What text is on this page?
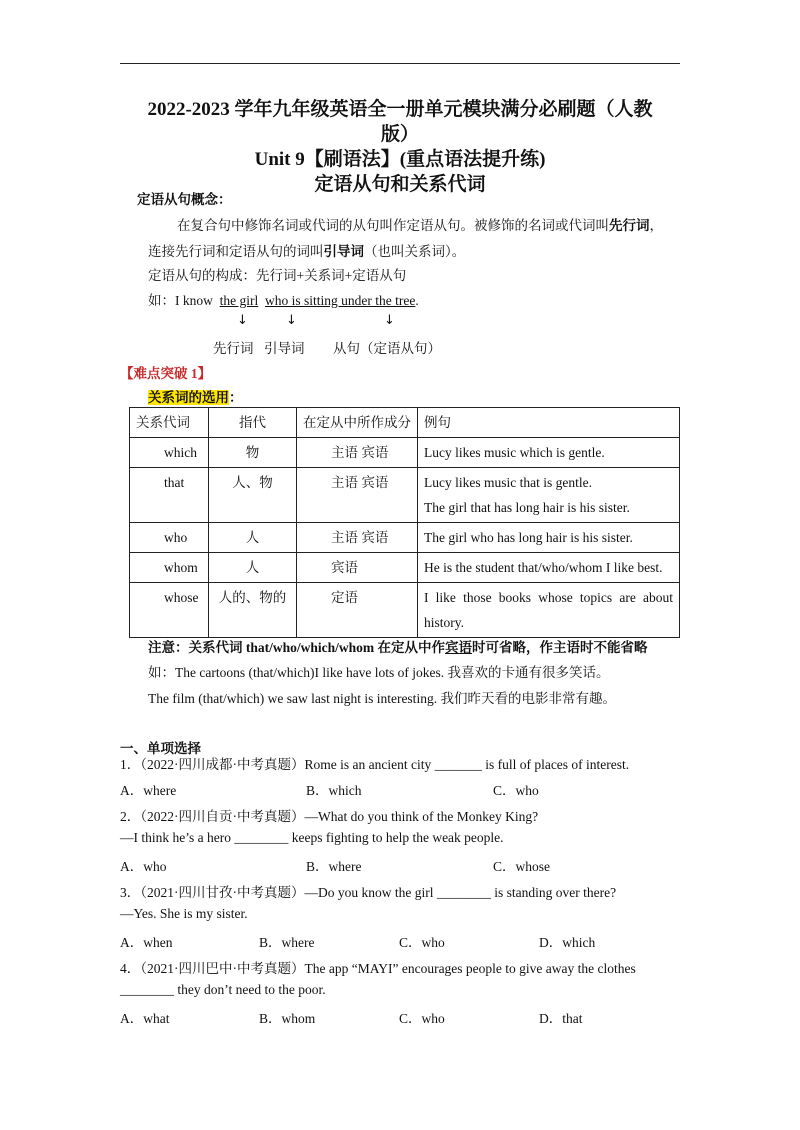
2022-2023 学年九年级英语全一册单元模块满分必刷题（人教
版）
Unit 9【刷语法】(重点语法提升练)
定语从句和关系代词
定语从句概念：
在复合句中修饰名词或代词的从句叫作定语从句。被修饰的名词或代词叫先行词，
连接先行词和定语从句的词叫引导词（也叫关系词）。
定语从句的构成：先行词+关系词+定语从句
如：I know the girl who is sitting under the tree.
↓	↓	↓
先行词 引导词 从句（定语从句）
【难点突破 1】
关系词的选用：
关系代词	指代	在定从中所作成分	例句
which	物	主语 宾语	Lucy likes music which is gentle.

that	人、物	主语 宾语	Lucy likes music that is gentle.
The girl that has long hair is his sister.

who	人	主语 宾语	The girl who has long hair is his sister.

whom	人	宾语	He is the student that/who/whom I like best.

whose	人的、物的	定语	I like those books whose topics are about
history.
注意：关系代词 that/who/which/whom 在定从中作宾语时可省略，作主语时不能省略
如：The cartoons (that/which)I like have lots of jokes. 我喜欢的卡通有很多笑话。
The film (that/which) we saw last night is interesting. 我们昨天看的电影非常有趣。
一、单项选择
1．（2022·四川成都·中考真题）Rome is an ancient city _______ is full of places of interest.
A．where	B．which	C．who
2．（2022·四川自贡·中考真题）—What do you think of the Monkey King?
—I think he’s a hero ________ keeps fighting to help the weak people.
A．who	B．where	C．whose
3．（2021·四川甘孜·中考真题）—Do you know the girl ________ is standing over there?
—Yes. She is my sister.
A．when	B．where	C．who	D．which
4．（2021·四川巴中·中考真题）The app “MAYI” encourages people to give away the clothes
________ they don’t need to the poor.
A．what	B．whom	C．who	D．that
